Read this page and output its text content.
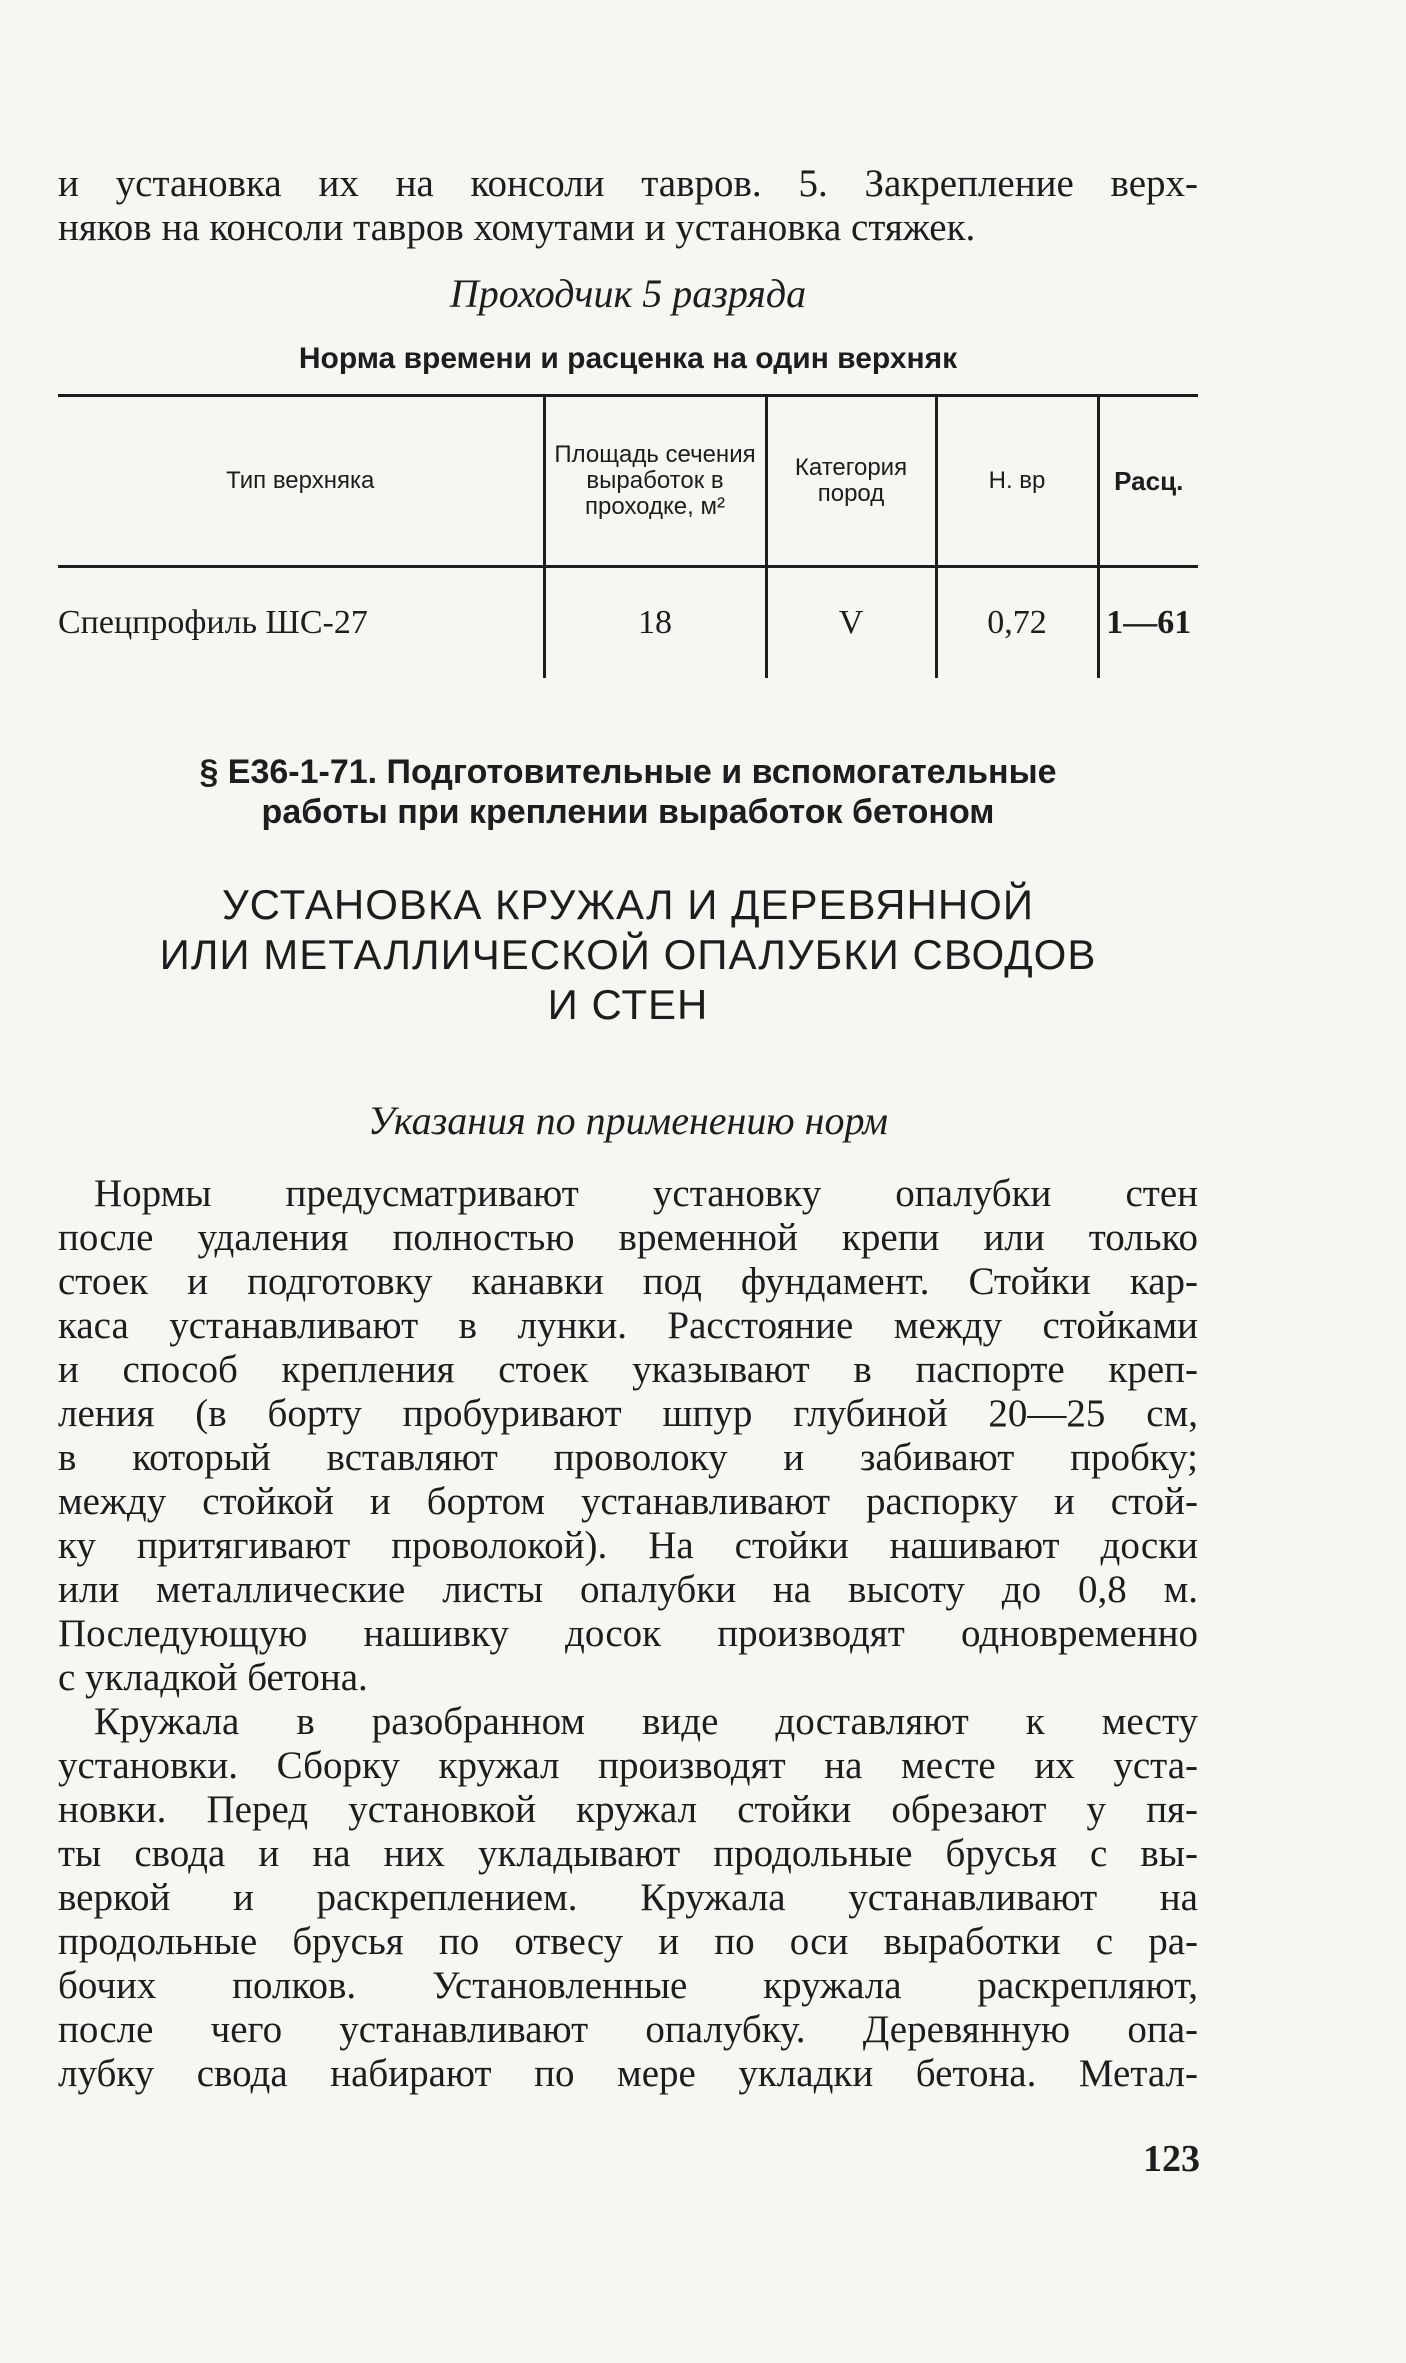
и установка их на консоли тавров. 5. Закрепление верх-
няков на консоли тавров хомутами и установка стяжек.

Проходчик 5 разряда

Норма времени и расценка на один верхняк

Тип верхняка	Площадь сечения выработок в проходке, м²	Категория пород	Н. вр	Расц.
Спецпрофиль ШС-27	18	V	0,72	1—61

§ Е36-1-71. Подготовительные и вспомогательные
работы при креплении выработок бетоном

УСТАНОВКА КРУЖАЛ И ДЕРЕВЯННОЙ
ИЛИ МЕТАЛЛИЧЕСКОЙ ОПАЛУБКИ СВОДОВ
И СТЕН

Указания по применению норм

Нормы предусматривают установку опалубки стен
после удаления полностью временной крепи или только
стоек и подготовку канавки под фундамент. Стойки кар-
каса устанавливают в лунки. Расстояние между стойками
и способ крепления стоек указывают в паспорте креп-
ления (в борту пробуривают шпур глубиной 20—25 см,
в который вставляют проволоку и забивают пробку;
между стойкой и бортом устанавливают распорку и стой-
ку притягивают проволокой). На стойки нашивают доски
или металлические листы опалубки на высоту до 0,8 м.
Последующую нашивку досок производят одновременно
с укладкой бетона.

Кружала в разобранном виде доставляют к месту
установки. Сборку кружал производят на месте их уста-
новки. Перед установкой кружал стойки обрезают у пя-
ты свода и на них укладывают продольные брусья с вы-
веркой и раскреплением. Кружала устанавливают на
продольные брусья по отвесу и по оси выработки с ра-
бочих полков. Установленные кружала раскрепляют,
после чего устанавливают опалубку. Деревянную опа-
лубку свода набирают по мере укладки бетона. Метал-

123
